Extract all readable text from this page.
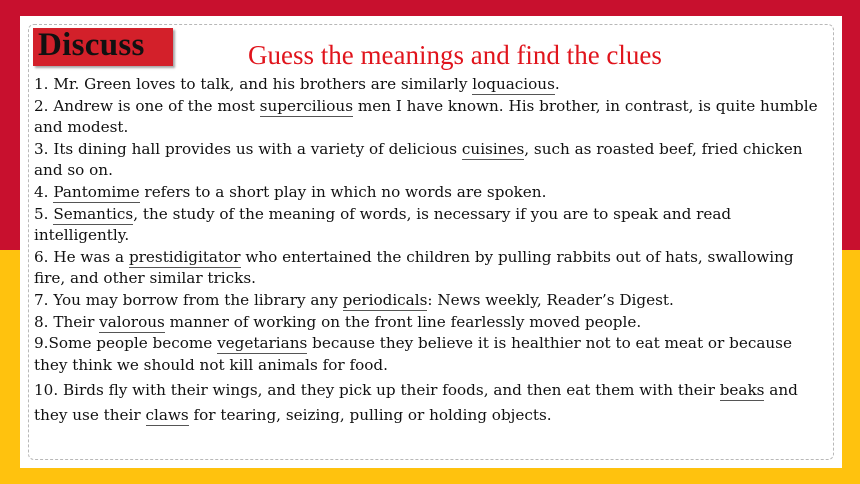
Discuss	Guess the meanings and find the clues

1. Mr. Green loves to talk, and his brothers are similarly loquacious.

2. Andrew is one of the most supercilious men I have known. His brother, in contrast, is quite humble and modest.

3. Its dining hall provides us with a variety of delicious cuisines, such as roasted beef, fried chicken and so on.

4. Pantomime refers to a short play in which no words are spoken.

5. Semantics, the study of the meaning of words, is necessary if you are to speak and read intelligently.

6. He was a prestidigitator who entertained the children by pulling rabbits out of hats, swallowing fire, and other similar tricks.

7. You may borrow from the library any periodicals: News weekly, Reader’s Digest.

8. Their valorous manner of working on the front line fearlessly moved people.

9.Some people become vegetarians because they believe it is healthier not to eat meat or because they think we should not kill animals for food.

10. Birds fly with their wings, and they pick up their foods, and then eat them with their beaks and they use their claws for tearing, seizing, pulling or holding objects.
